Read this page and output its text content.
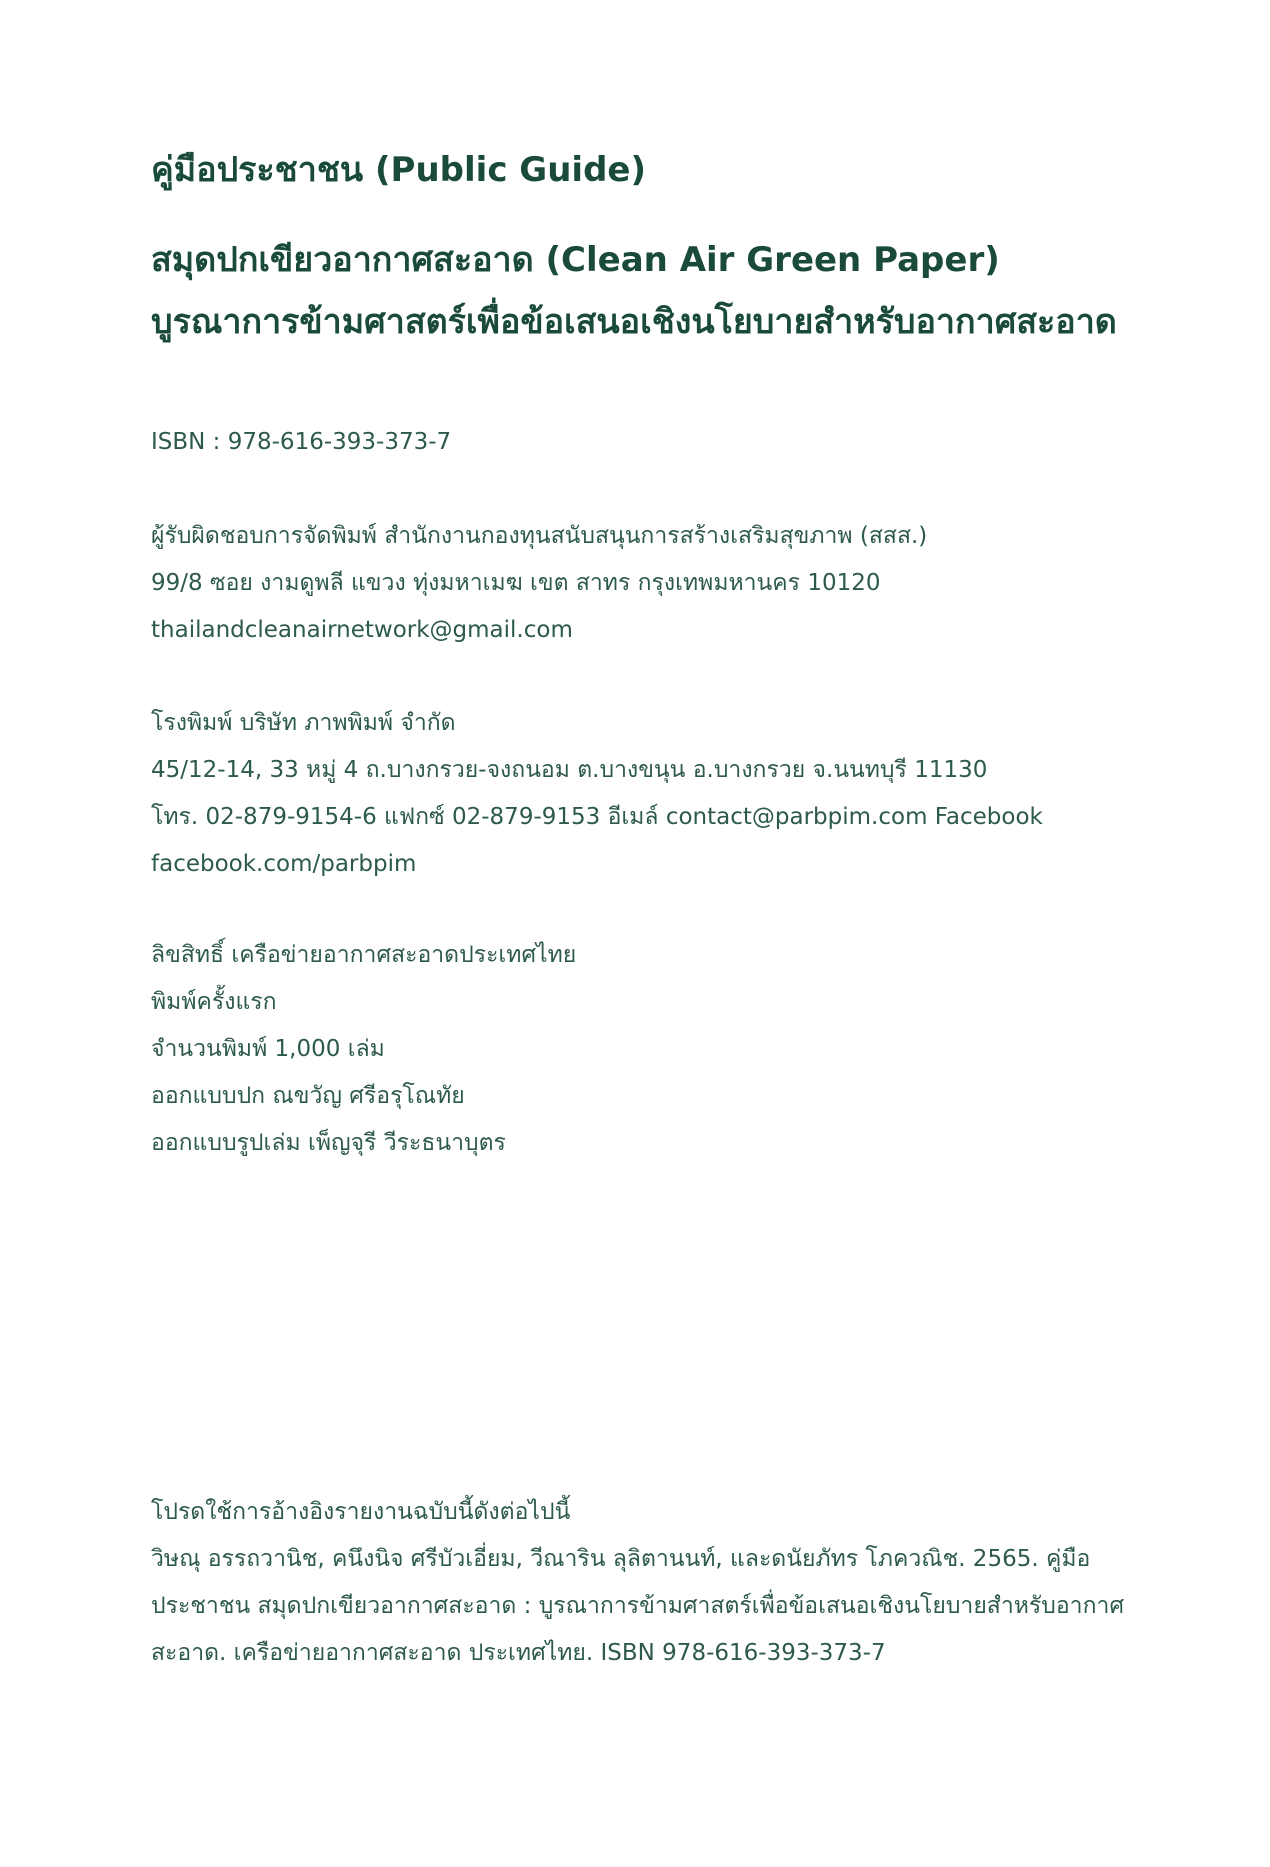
คู่มือประชาชน (Public Guide)
สมุดปกเขียวอากาศสะอาด (Clean Air Green Paper)
บูรณาการข้ามศาสตร์เพื่อข้อเสนอเชิงนโยบายสำหรับอากาศสะอาด
ISBN : 978-616-393-373-7
ผู้รับผิดชอบการจัดพิมพ์ สำนักงานกองทุนสนับสนุนการสร้างเสริมสุขภาพ (สสส.)
99/8 ซอย งามดูพลี แขวง ทุ่งมหาเมฆ เขต สาทร กรุงเทพมหานคร 10120
thailandcleanairnetwork@gmail.com
โรงพิมพ์ บริษัท ภาพพิมพ์ จำกัด
45/12-14, 33 หมู่ 4 ถ.บางกรวย-จงถนอม ต.บางขนุน อ.บางกรวย จ.นนทบุรี 11130
โทร. 02-879-9154-6 แฟกซ์ 02-879-9153 อีเมล์ contact@parbpim.com Facebook
facebook.com/parbpim
ลิขสิทธิ์ เครือข่ายอากาศสะอาดประเทศไทย
พิมพ์ครั้งแรก
จำนวนพิมพ์ 1,000 เล่ม
ออกแบบปก ณขวัญ ศรีอรุโณทัย
ออกแบบรูปเล่ม เพ็ญจุรี วีระธนาบุตร
โปรดใช้การอ้างอิงรายงานฉบับนี้ดังต่อไปนี้
วิษณุ อรรถวานิช, คนึงนิจ ศรีบัวเอี่ยม, วีณาริน ลุลิตานนท์, และดนัยภัทร โภควณิช. 2565. คู่มือ
ประชาชน สมุดปกเขียวอากาศสะอาด : บูรณาการข้ามศาสตร์เพื่อข้อเสนอเชิงนโยบายสำหรับอากาศ
สะอาด. เครือข่ายอากาศสะอาด ประเทศไทย. ISBN 978-616-393-373-7
